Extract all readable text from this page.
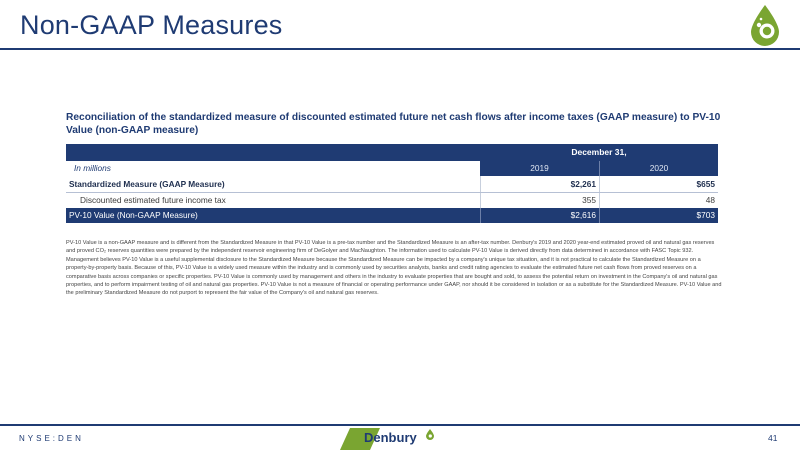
Non-GAAP Measures
Reconciliation of the standardized measure of discounted estimated future net cash flows after income taxes (GAAP measure) to PV-10 Value (non-GAAP measure)
December 31,
In millions	2019	2020
Standardized Measure (GAAP Measure)	$2,261	$655
Discounted estimated future income tax	355	48
PV-10 Value (Non-GAAP Measure)	$2,616	$703
PV-10 Value is a non-GAAP measure and is different from the Standardized Measure in that PV-10 Value is a pre-tax number and the Standardized Measure is an after-tax number. Denbury's 2019 and 2020 year-end estimated proved oil and natural gas reserves and proved CO₂ reserves quantities were prepared by the independent reservoir engineering firm of DeGolyer and MacNaughton. The information used to calculate PV-10 Value is derived directly from data determined in accordance with FASC Topic 932. Management believes PV-10 Value is a useful supplemental disclosure to the Standardized Measure because the Standardized Measure can be impacted by a company's unique tax situation, and it is not practical to calculate the Standardized Measure on a property-by-property basis. Because of this, PV-10 Value is a widely used measure within the industry and is commonly used by securities analysts, banks and credit rating agencies to evaluate the estimated future net cash flows from proved reserves on a comparative basis across companies or specific properties. PV-10 Value is commonly used by management and others in the industry to evaluate properties that are bought and sold, to assess the potential return on investment in the Company's oil and natural gas properties, and to perform impairment testing of oil and natural gas properties. PV-10 Value is not a measure of financial or operating performance under GAAP, nor should it be considered in isolation or as a substitute for the Standardized Measure. PV-10 Value and the preliminary Standardized Measure do not purport to represent the fair value of the Company's oil and natural gas reserves.
NYSE:DEN	Denbury	41
